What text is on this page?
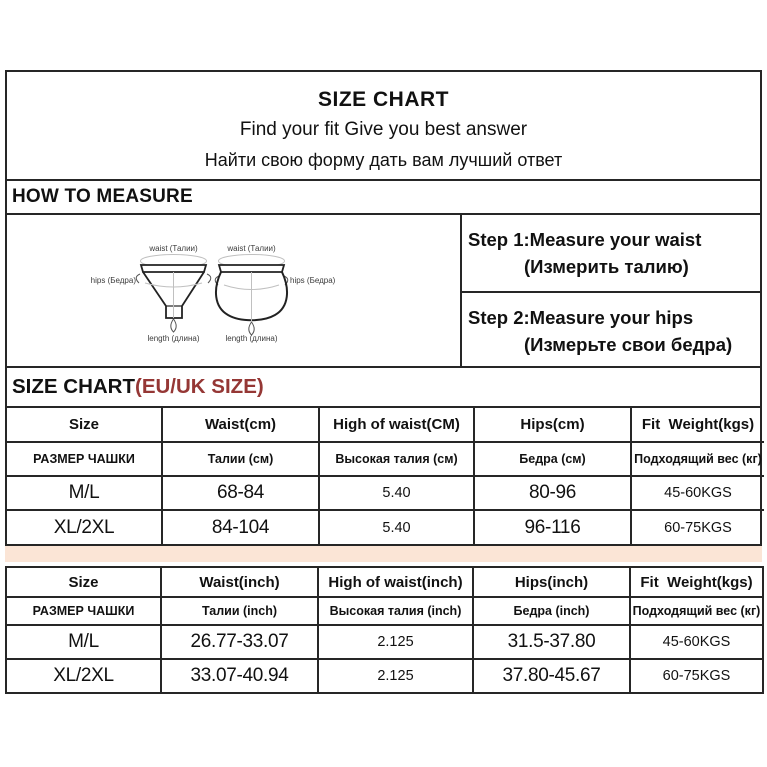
SIZE CHART
Find your fit Give you best answer
Найти свою форму дать вам лучший ответ
HOW TO MEASURE
waist (Талии)	waist (Талии)
hips (Бедра)	hips (Бедра)
length (длина)	length (длина)
Step 1:Measure your waist
(Измерить талию)
Step 2:Measure your hips
(Измерьте свои бедра)
SIZE CHART (EU/UK SIZE)
Size	Waist(cm)	High of waist(CM)	Hips(cm)	Fit  Weight(kgs)
РАЗМЕР ЧАШКИ	Талии (см)	Высокая талия (см)	Бедра (см)	Подходящий вес (кг)
M/L	68-84	5.40	80-96	45-60KGS
XL/2XL	84-104	5.40	96-116	60-75KGS
Size	Waist(inch)	High of waist(inch)	Hips(inch)	Fit  Weight(kgs)
РАЗМЕР ЧАШКИ	Талии (inch)	Высокая талия (inch)	Бедра (inch)	Подходящий вес (кг)
M/L	26.77-33.07	2.125	31.5-37.80	45-60KGS
XL/2XL	33.07-40.94	2.125	37.80-45.67	60-75KGS
